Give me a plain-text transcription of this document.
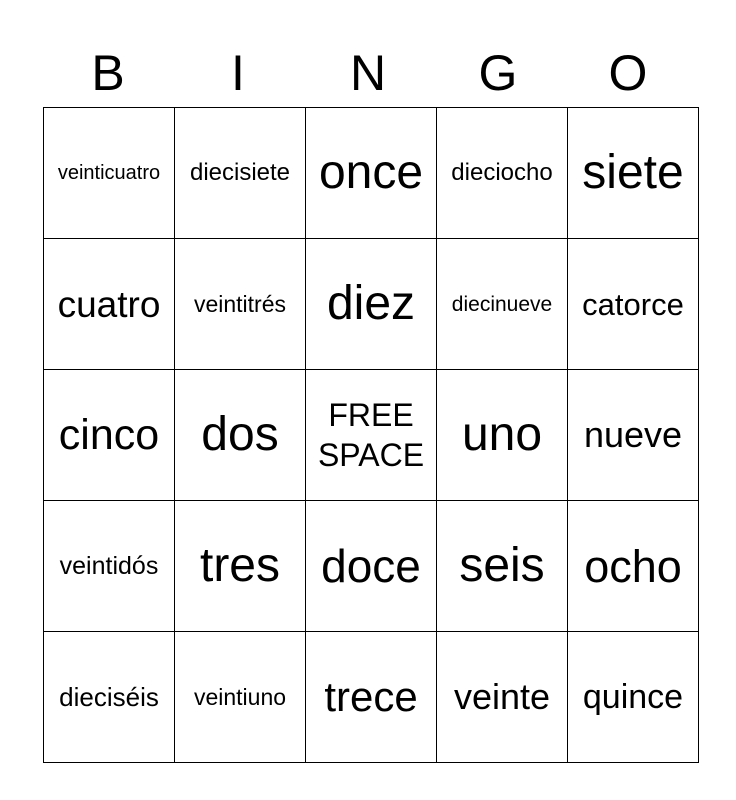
B	I	N	G	O
veinticuatro	diecisiete	once	dieciocho	siete
cuatro	veintitrés	diez	diecinueve	catorce
cinco	dos	FREE SPACE	uno	nueve
veintidós	tres	doce	seis	ocho
dieciséis	veintiuno	trece	veinte	quince
